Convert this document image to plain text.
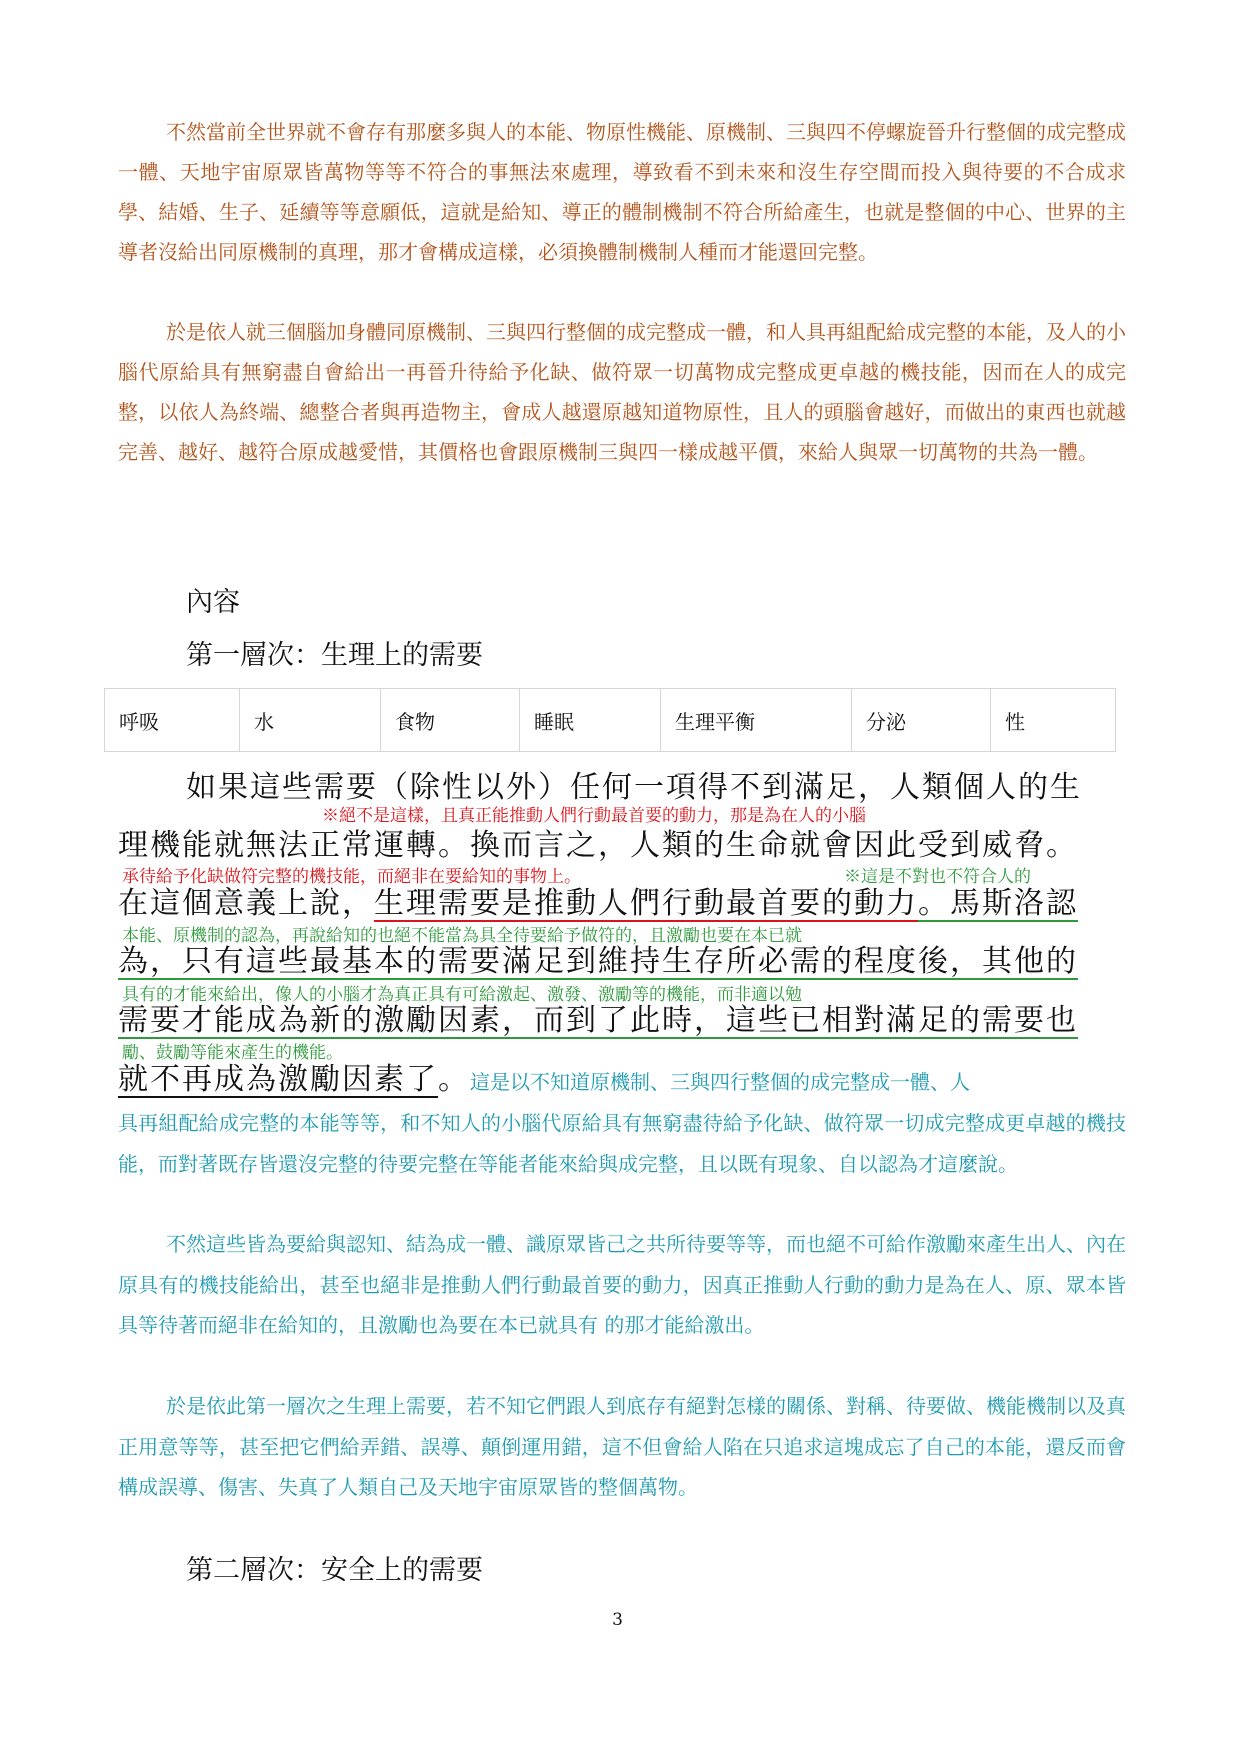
不然當前全世界就不會存有那麼多與人的本能、物原性機能、原機制、三與四不停螺旋晉升行整個的成完整成一體、天地宇宙原眾皆萬物等等不符合的事無法來處理，導致看不到未來和沒生存空間而投入與待要的不合成求學、結婚、生子、延續等等意願低，這就是給知、導正的體制機制不符合所給產生，也就是整個的中心、世界的主導者沒給出同原機制的真理，那才會構成這樣，必須換體制機制人種而才能還回完整。

於是依人就三個腦加身體同原機制、三與四行整個的成完整成一體，和人具再組配給成完整的本能，及人的小腦代原給具有無窮盡自會給出一再晉升待給予化缺、做符眾一切萬物成完整成更卓越的機技能，因而在人的成完整，以依人為終端、總整合者與再造物主，會成人越還原越知道物原性，且人的頭腦會越好，而做出的東西也就越完善、越好、越符合原成越愛惜，其價格也會跟原機制三與四一樣成越平價，來給人與眾一切萬物的共為一體。

內容
第一層次：生理上的需要
呼吸	水	食物	睡眠	生理平衡	分泌	性

如果這些需要（除性以外）任何一項得不到滿足，人類個人的生

※絕不是這樣，且真正能推動人們行動最首要的動力，那是為在人的小腦

理機能就無法正常運轉。換而言之，人類的生命就會因此受到威脅。

承待給予化缺做符完整的機技能，而絕非在要給知的事物上。	※這是不對也不符合人的

在這個意義上說，生理需要是推動人們行動最首要的動力。馬斯洛認

本能、原機制的認為，再說給知的也絕不能當為具全待要給予做符的，且激勵也要在本已就

為，只有這些最基本的需要滿足到維持生存所必需的程度後，其他的

具有的才能來給出，像人的小腦才為真正具有可給激起、激發、激勵等的機能，而非適以勉

需要才能成為新的激勵因素，而到了此時，這些已相對滿足的需要也

勵、鼓勵等能來產生的機能。

就不再成為激勵因素了。這是以不知道原機制、三與四行整個的成完整成一體、人

具再組配給成完整的本能等等，和不知人的小腦代原給具有無窮盡待給予化缺、做符眾一切成完整成更卓越的機技能，而對著既存皆還沒完整的待要完整在等能者能來給與成完整，且以既有現象、自以認為才這麼說。

不然這些皆為要給與認知、結為成一體、識原眾皆己之共所待要等等，而也絕不可給作激勵來產生出人、內在原具有的機技能給出，甚至也絕非是推動人們行動最首要的動力，因真正推動人行動的動力是為在人、原、眾本皆具等待著而絕非在給知的，且激勵也為要在本已就具有 的那才能給激出。

於是依此第一層次之生理上需要，若不知它們跟人到底存有絕對怎樣的關係、對稱、待要做、機能機制以及真正用意等等，甚至把它們給弄錯、誤導、顛倒運用錯，這不但會給人陷在只追求這塊成忘了自己的本能，還反而會構成誤導、傷害、失真了人類自己及天地宇宙原眾皆的整個萬物。

第二層次：安全上的需要

3
